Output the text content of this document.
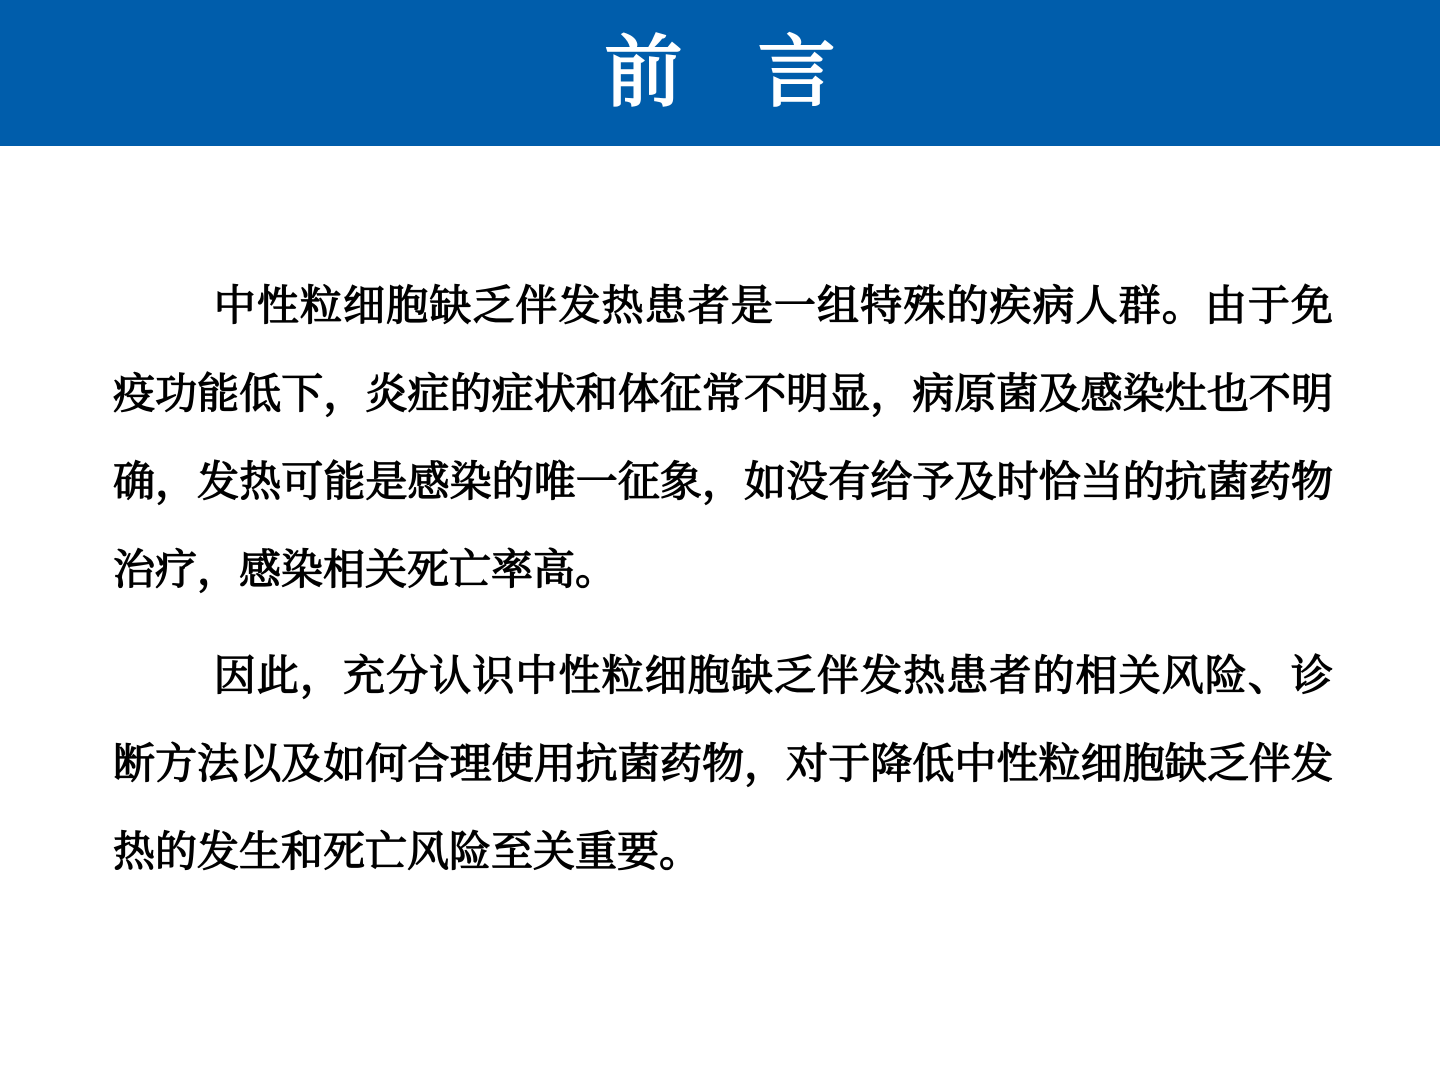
前 言

中性粒细胞缺乏伴发热患者是一组特殊的疾病人群。由于免疫功能低下，炎症的症状和体征常不明显，病原菌及感染灶也不明确，发热可能是感染的唯一征象，如没有给予及时恰当的抗菌药物治疗，感染相关死亡率高。

因此，充分认识中性粒细胞缺乏伴发热患者的相关风险、诊断方法以及如何合理使用抗菌药物，对于降低中性粒细胞缺乏伴发热的发生和死亡风险至关重要。
